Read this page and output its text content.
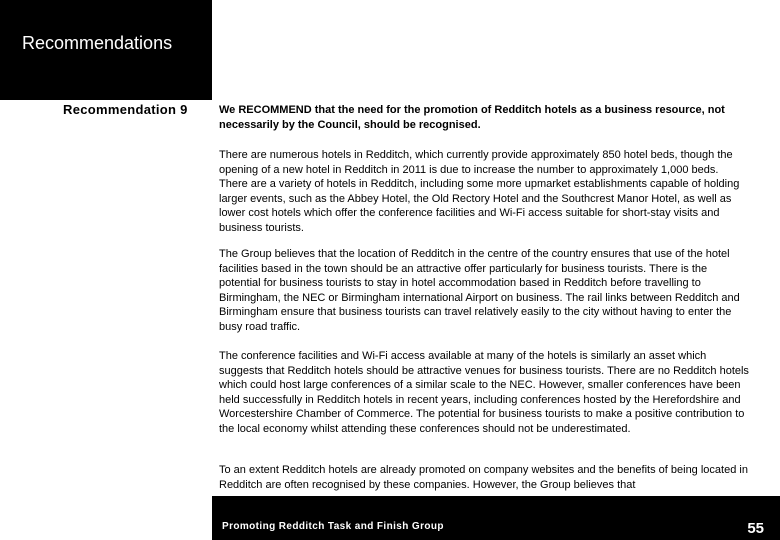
Recommendations
Recommendation 9	We RECOMMEND that the need for the promotion of Redditch hotels as a business resource, not necessarily by the Council, should be recognised.
There are numerous hotels in Redditch, which currently provide approximately 850 hotel beds, though the opening of a new hotel in Redditch in 2011 is due to increase the number to approximately 1,000 beds. There are a variety of hotels in Redditch, including some more upmarket establishments capable of holding larger events, such as the Abbey Hotel, the Old Rectory Hotel and the Southcrest Manor Hotel, as well as lower cost hotels which offer the conference facilities and Wi-Fi access suitable for short-stay visits and business tourists.
The Group believes that the location of Redditch in the centre of the country ensures that use of the hotel facilities based in the town should be an attractive offer particularly for business tourists. There is the potential for business tourists to stay in hotel accommodation based in Redditch before travelling to Birmingham, the NEC or Birmingham international Airport on business. The rail links between Redditch and Birmingham ensure that business tourists can travel relatively easily to the city without having to enter the busy road traffic.
The conference facilities and Wi-Fi access available at many of the hotels is similarly an asset which suggests that Redditch hotels should be attractive venues for business tourists. There are no Redditch hotels which could host large conferences of a similar scale to the NEC. However, smaller conferences have been held successfully in Redditch hotels in recent years, including conferences hosted by the Herefordshire and Worcestershire Chamber of Commerce. The potential for business tourists to make a positive contribution to the local economy whilst attending these conferences should not be underestimated.
To an extent Redditch hotels are already promoted on company websites and the benefits of being located in Redditch are often recognised by these companies. However, the Group believes that
Promoting Redditch Task and Finish Group	55
